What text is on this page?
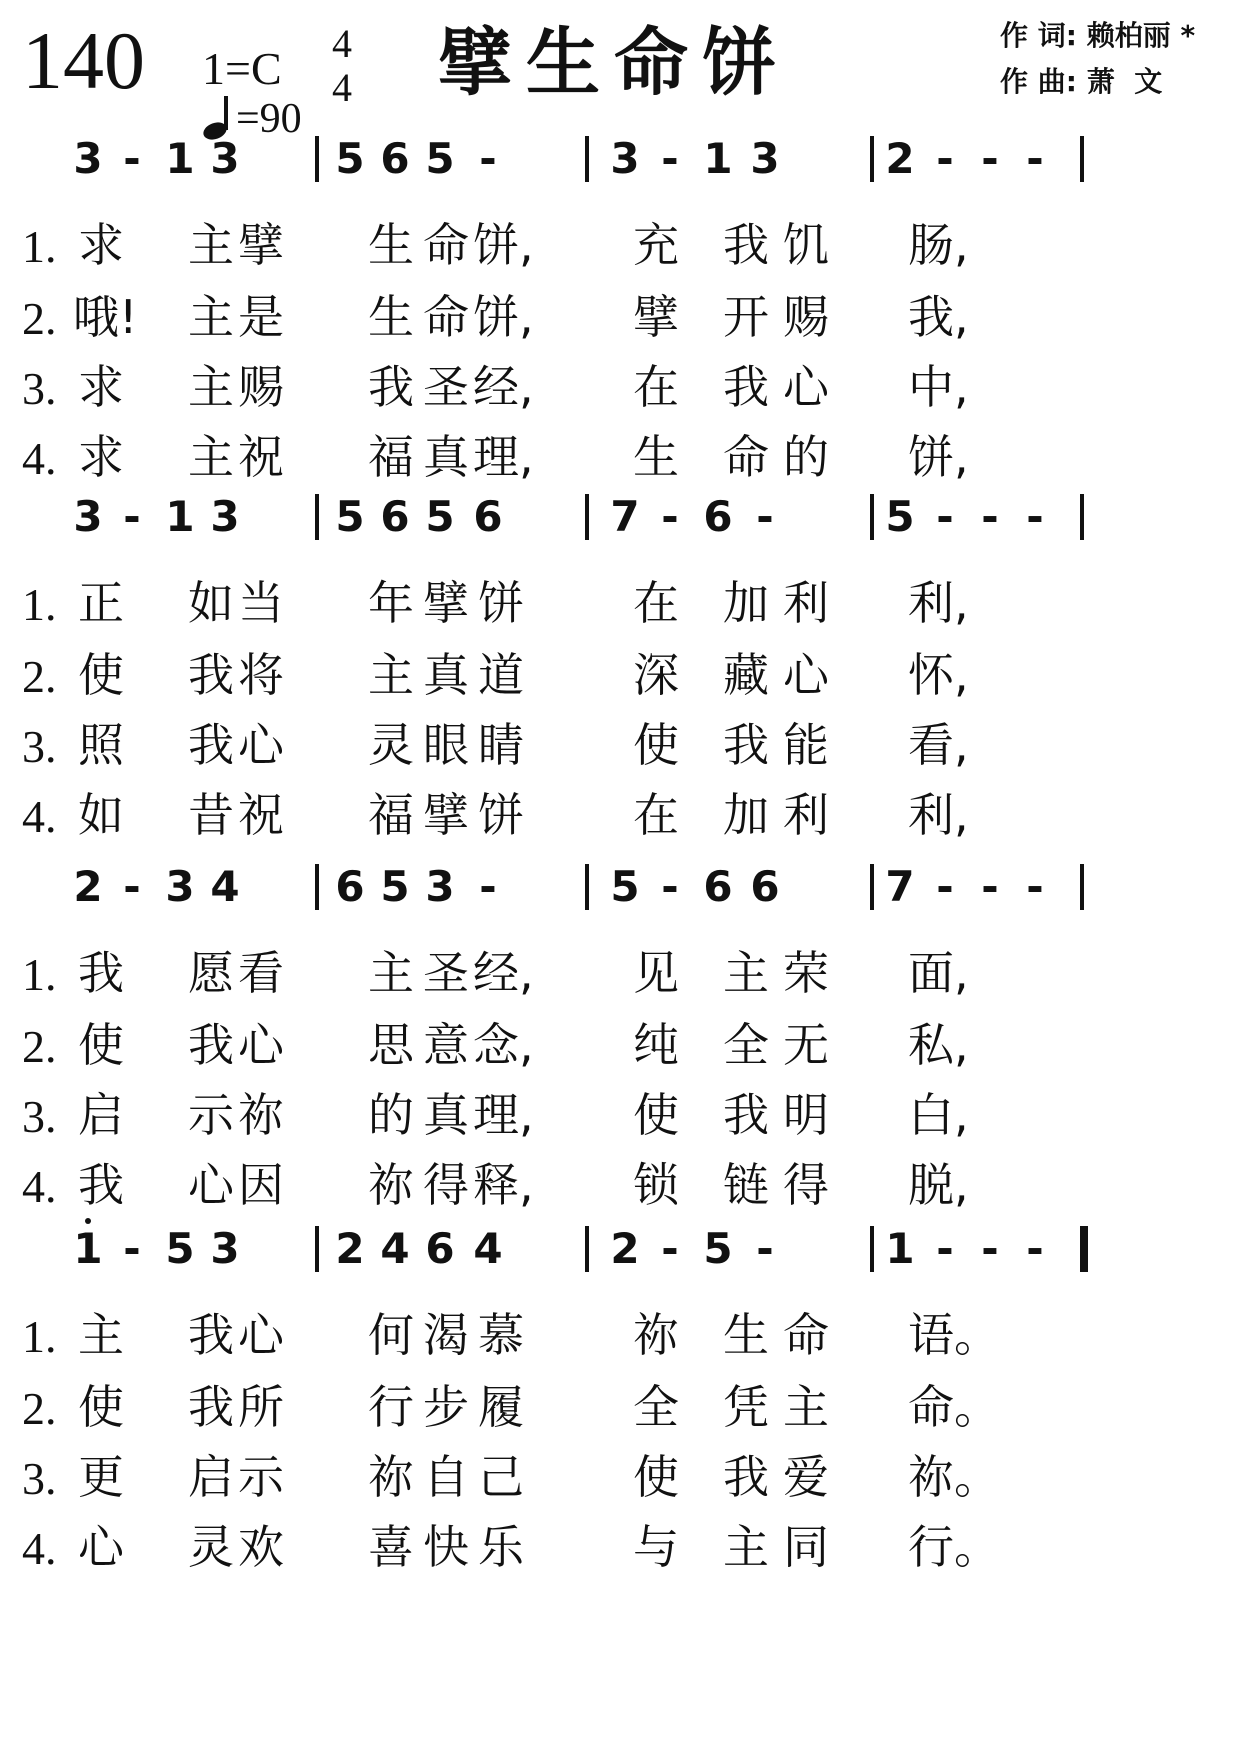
140 1=C 4
4
=90
擘生命饼	作 词: 赖柏丽 *
作 曲: 萧  文
3 - 1 3 5 6 5 -	3 - 1 3	2 - - -
1. 求 主 擘 生 命 饼, 充 我 饥 肠,
2. 哦! 主 是 生 命 饼, 擘 开 赐 我,
3. 求 主 赐 我 圣 经, 在 我 心 中,
4. 求 主 祝 福 真 理, 生 命 的 饼,
3 - 1 3 5 6 5 6	7 - 6 -	5 - - -
1. 正 如 当 年 擘 饼 在 加 利 利,
2. 使 我 将 主 真 道 深 藏 心 怀,
3. 照 我 心 灵 眼 睛 使 我 能 看,
4. 如 昔 祝 福 擘 饼 在 加 利 利,
2 - 3 4 6 5 3 -	5 - 6 6	7 - - -
1. 我 愿 看 主 圣 经, 见 主 荣 面,
2. 使 我 心 思 意 念, 纯 全 无 私,
3. 启 示 祢 的 真 理, 使 我 明 白,
4. 我 心 因 祢 得 释, 锁 链 得 脱,
1 - 5 3 2 4 6 4	2 - 5 -	1 - - -
1. 主 我 心 何 渴 慕 祢 生 命 语。
2. 使 我 所 行 步 履 全 凭 主 命。
3. 更 启 示 祢 自 己 使 我 爱 祢。
4. 心 灵 欢 喜 快 乐 与 主 同 行。
